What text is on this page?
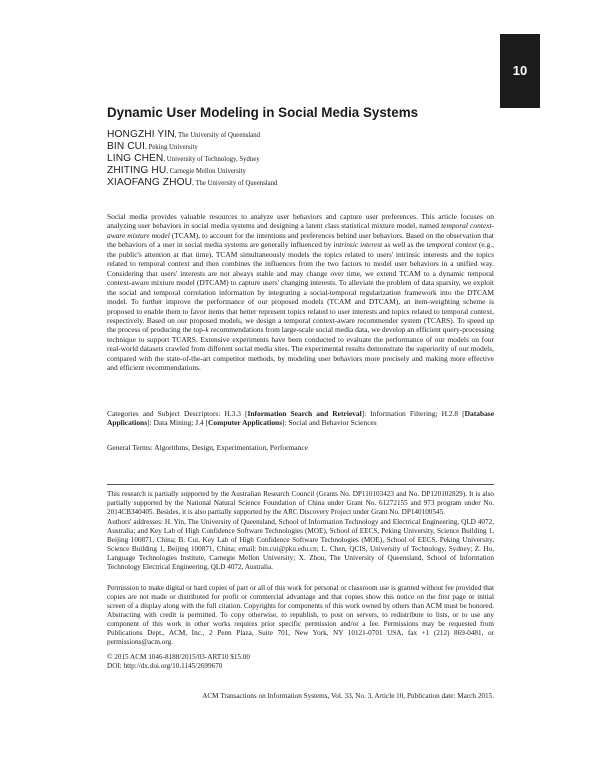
10
Dynamic User Modeling in Social Media Systems
HONGZHI YIN, The University of Queensland
BIN CUI, Peking University
LING CHEN, University of Technology, Sydney
ZHITING HU, Carnegie Mellon University
XIAOFANG ZHOU, The University of Queensland

Social media provides valuable resources to analyze user behaviors and capture user preferences. This article focuses on analyzing user behaviors in social media systems and designing a latent class statistical mixture model, named temporal context-aware mixture model (TCAM), to account for the intentions and preferences behind user behaviors. Based on the observation that the behaviors of a user in social media systems are generally influenced by intrinsic interest as well as the temporal context (e.g., the public's attention at that time), TCAM simultaneously models the topics related to users' intrinsic interests and the topics related to temporal context and then combines the influences from the two factors to model user behaviors in a unified way. Considering that users' interests are not always stable and may change over time, we extend TCAM to a dynamic temporal context-aware mixture model (DTCAM) to capture users' changing interests. To alleviate the problem of data sparsity, we exploit the social and temporal correlation information by integrating a social-temporal regularization framework into the DTCAM model. To further improve the performance of our proposed models (TCAM and DTCAM), an item-weighting scheme is proposed to enable them to favor items that better represent topics related to user interests and topics related to temporal context, respectively. Based on our proposed models, we design a temporal context-aware recommender system (TCARS). To speed up the process of producing the top-k recommendations from large-scale social media data, we develop an efficient query-processing technique to support TCARS. Extensive experiments have been conducted to evaluate the performance of our models on four real-world datasets crawled from different social media sites. The experimental results demonstrate the superiority of our models, compared with the state-of-the-art competitor methods, by modeling user behaviors more precisely and making more effective and efficient recommendations.

Categories and Subject Descriptors: H.3.3 [Information Search and Retrieval]: Information Filtering; H.2.8 [Database Applications]: Data Mining; J.4 [Computer Applications]: Social and Behavior Sciences

General Terms: Algorithms, Design, Experimentation, Performance

This research is partially supported by the Australian Research Council (Grants No. DP110103423 and No. DP120102829). It is also partially supported by the National Natural Science Foundation of China under Grant No. 61272155 and 973 program under No. 2014CB340405. Besides, it is also partially supported by the ARC Discovery Project under Grant No. DP140100545.

Authors' addresses: H. Yin, The University of Queensland, School of Information Technology and Electrical Engineering, QLD 4072, Australia; and Key Lab of High Confidence Software Technologies (MOE), School of EECS, Peking University, Science Building 1, Beijing 100871, China; B. Cui, Key Lab of High Confidence Software Technologies (MOE), School of EECS, Peking University, Science Building 1, Beijing 100871, China; email: bin.cui@pku.edu.cn; L. Chen, QCIS, University of Technology, Sydney; Z. Hu, Language Technologies Institute, Carnegie Mellon University; X. Zhou, The University of Queensland, School of Information Technology Electrical Engineering, QLD 4072, Australia.

Permission to make digital or hard copies of part or all of this work for personal or classroom use is granted without fee provided that copies are not made or distributed for profit or commercial advantage and that copies show this notice on the first page or initial screen of a display along with the full citation. Copyrights for components of this work owned by others than ACM must be honored. Abstracting with credit is permitted. To copy otherwise, to republish, to post on servers, to redistribute to lists, or to use any component of this work in other works requires prior specific permission and/or a fee. Permissions may be requested from Publications Dept., ACM, Inc., 2 Penn Plaza, Suite 701, New York, NY 10121-0701 USA, fax +1 (212) 869-0481, or permissions@acm.org.

© 2015 ACM 1046-8188/2015/03-ART10 $15.00

DOI: http://dx.doi.org/10.1145/2699670

ACM Transactions on Information Systems, Vol. 33, No. 3, Article 10, Publication date: March 2015.
